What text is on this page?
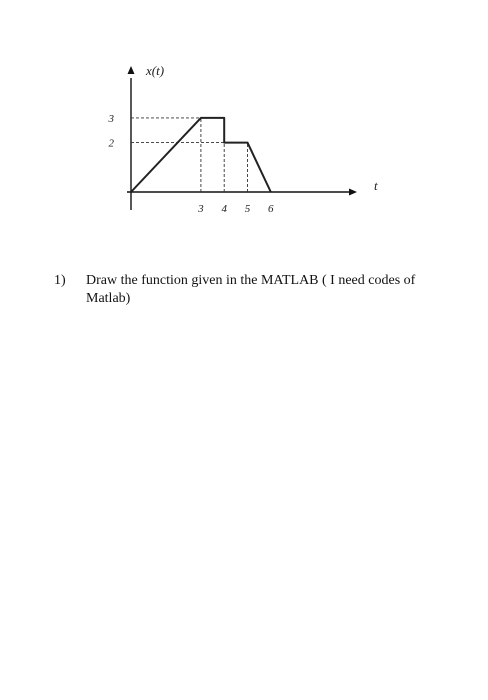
3 4 5 6
3
2
x(t)
t
1) Draw the function given in the MATLAB ( I need codes of Matlab)
